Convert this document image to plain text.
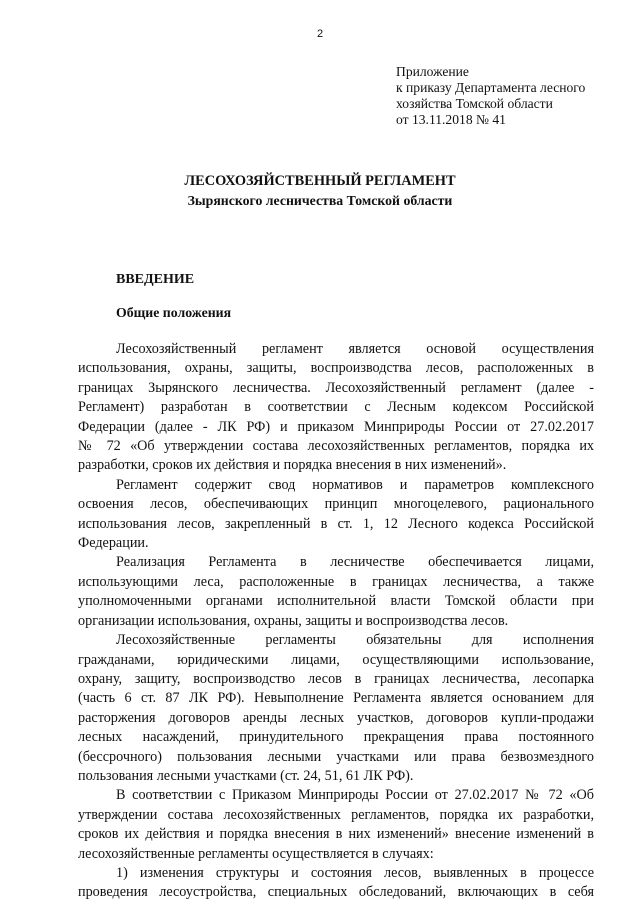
2
Приложение
к приказу Департамента лесного
хозяйства Томской области
от 13.11.2018 № 41
ЛЕСОХОЗЯЙСТВЕННЫЙ РЕГЛАМЕНТ
Зырянского лесничества Томской области
ВВЕДЕНИЕ
Общие положения
Лесохозяйственный регламент является основой осуществления
использования, охраны, защиты, воспроизводства лесов, расположенных в
границах Зырянского лесничества. Лесохозяйственный регламент (далее -
Регламент) разработан в соответствии с Лесным кодексом Российской
Федерации (далее - ЛК РФ) и приказом Минприроды России от 27.02.2017
№ 72 «Об утверждении состава лесохозяйственных регламентов, порядка их
разработки, сроков их действия и порядка внесения в них изменений».
Регламент содержит свод нормативов и параметров комплексного
освоения лесов, обеспечивающих принцип многоцелевого, рационального
использования лесов, закрепленный в ст. 1, 12 Лесного кодекса Российской
Федерации.
Реализация Регламента в лесничестве обеспечивается лицами,
использующими леса, расположенные в границах лесничества, а также
уполномоченными органами исполнительной власти Томской области при
организации использования, охраны, защиты и воспроизводства лесов.
Лесохозяйственные регламенты обязательны для исполнения
гражданами, юридическими лицами, осуществляющими использование,
охрану, защиту, воспроизводство лесов в границах лесничества, лесопарка
(часть 6 ст. 87 ЛК РФ). Невыполнение Регламента является основанием для
расторжения договоров аренды лесных участков, договоров купли-продажи
лесных насаждений, принудительного прекращения права постоянного
(бессрочного) пользования лесными участками или права безвозмездного
пользования лесными участками (ст. 24, 51, 61 ЛК РФ).
В соответствии с Приказом Минприроды России от 27.02.2017 № 72 «Об
утверждении состава лесохозяйственных регламентов, порядка их разработки,
сроков их действия и порядка внесения в них изменений» внесение изменений в
лесохозяйственные регламенты осуществляется в случаях:
1) изменения структуры и состояния лесов, выявленных в процессе
проведения лесоустройства, специальных обследований, включающих в себя
